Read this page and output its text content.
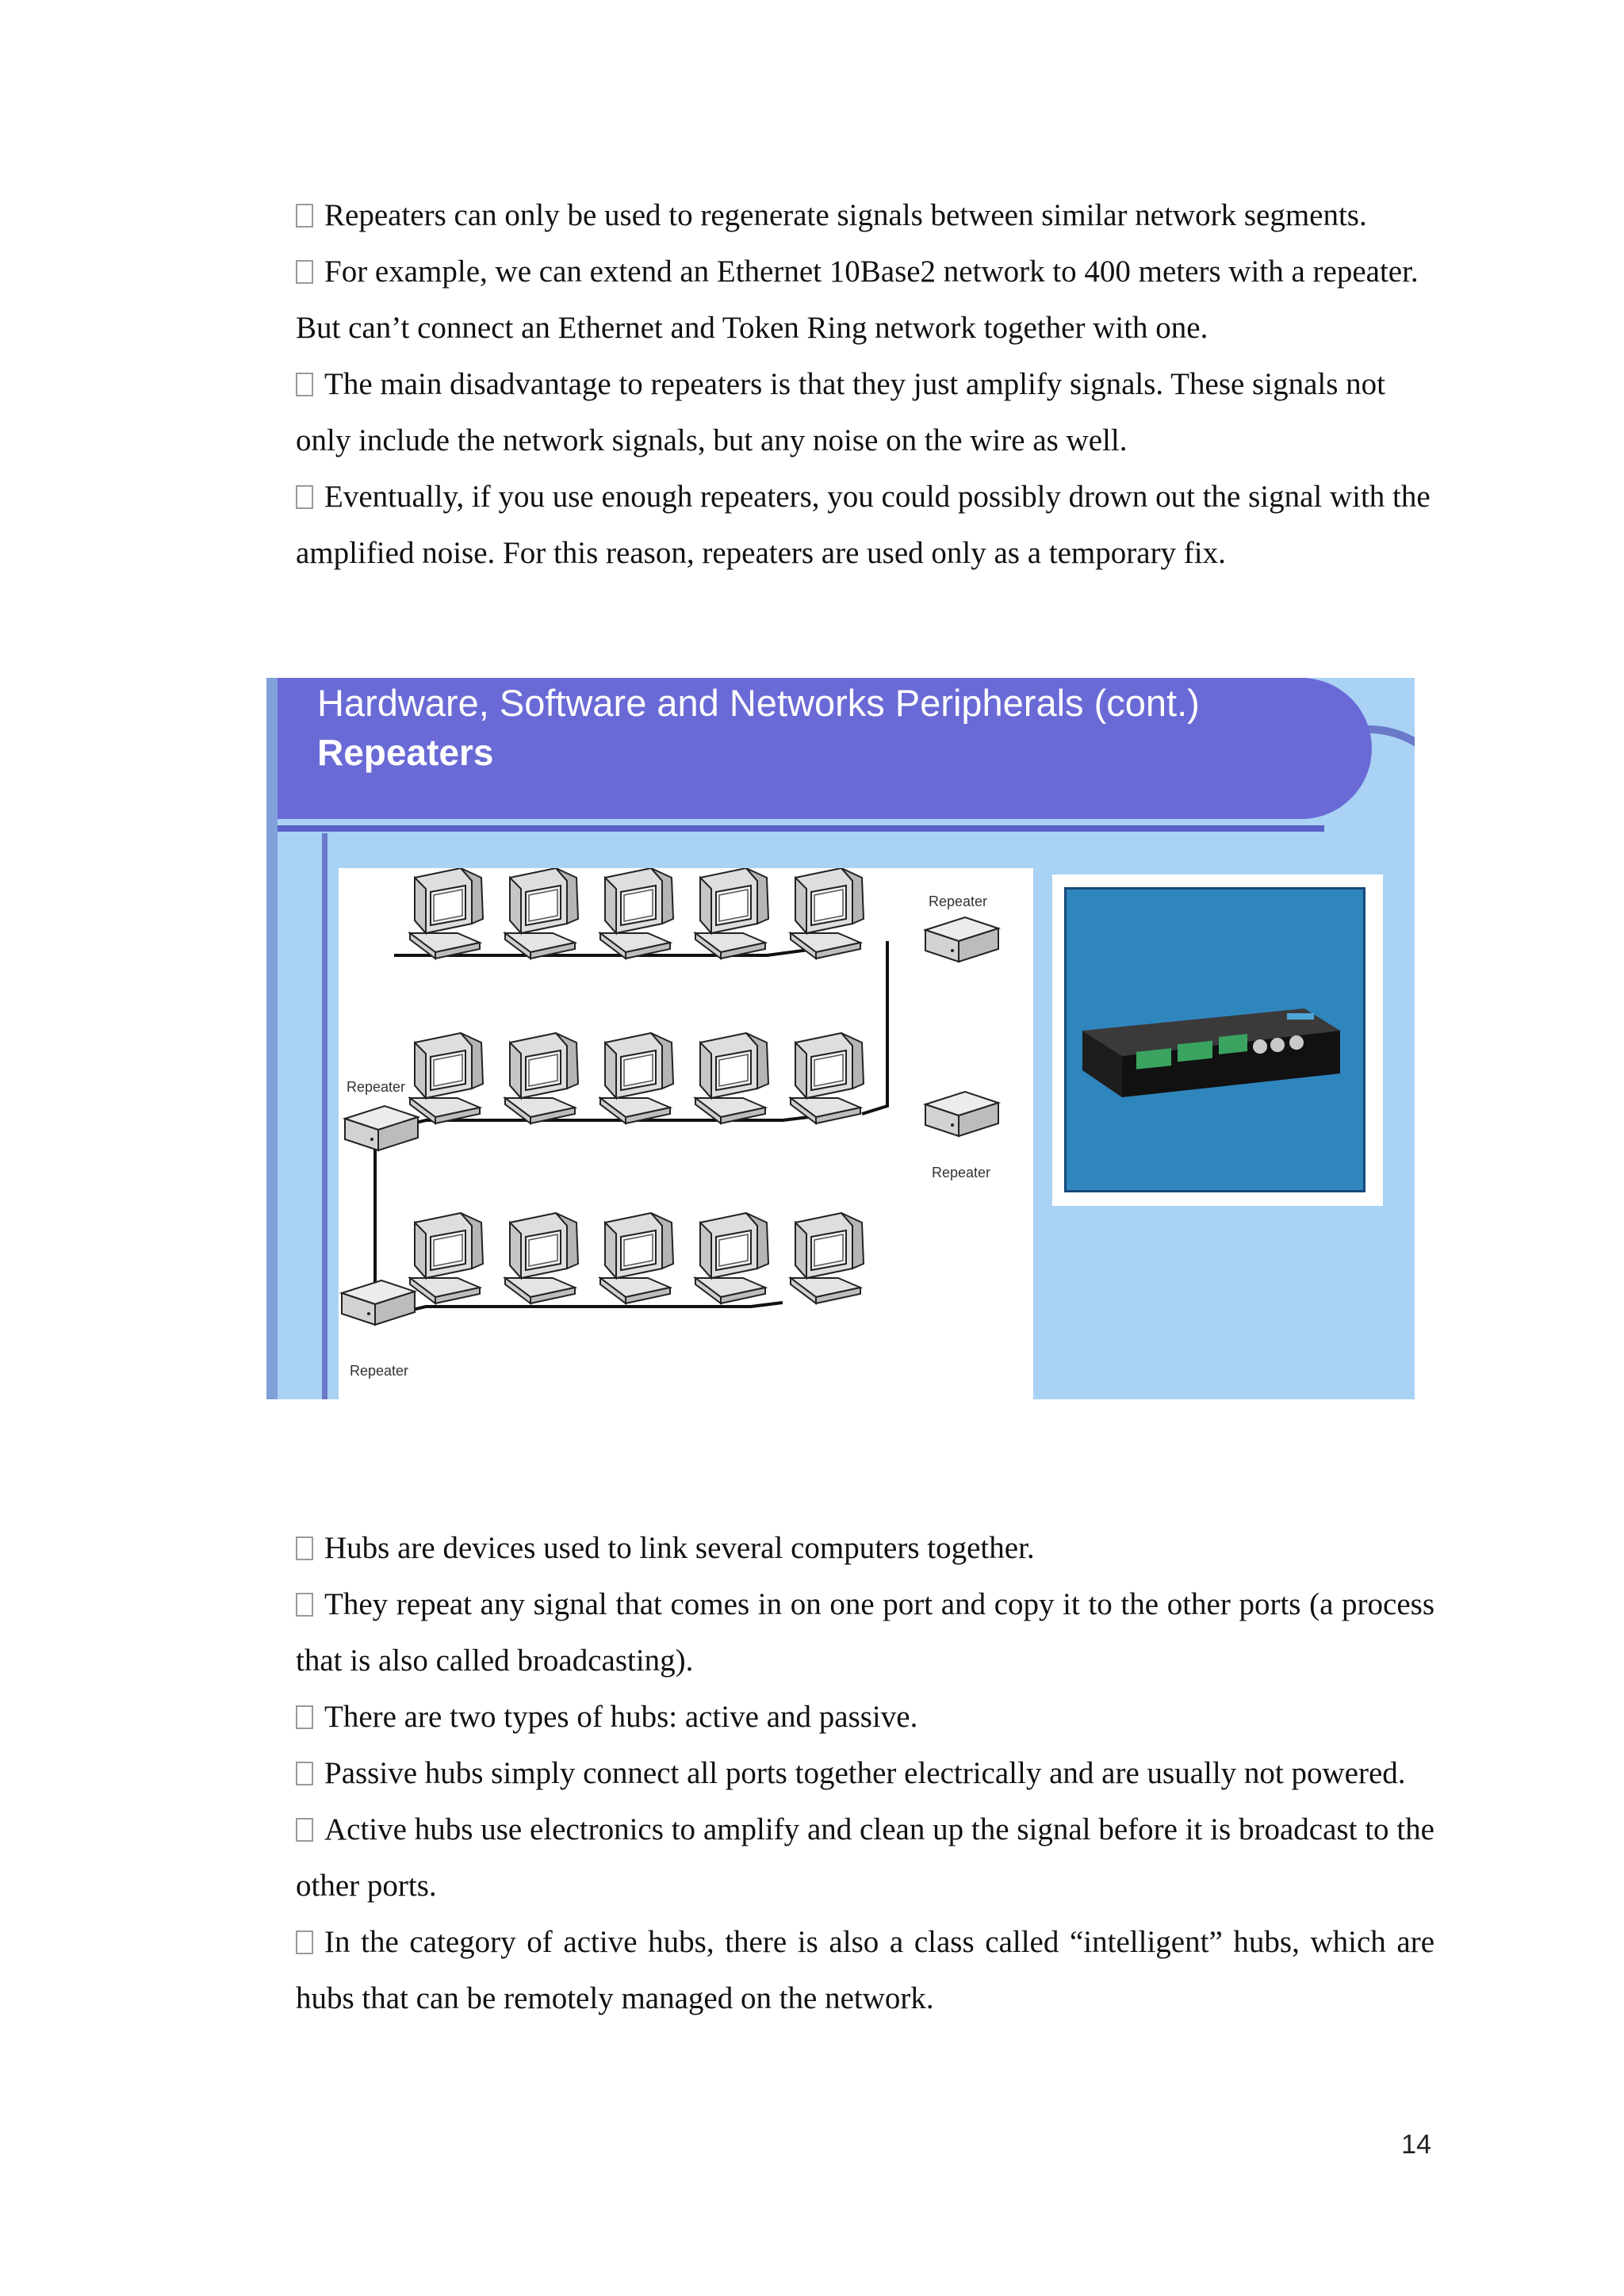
Repeaters can only be used to regenerate signals between similar network segments.

For example, we can extend an Ethernet 10Base2 network to 400 meters with a repeater. But can’t connect an Ethernet and Token Ring network together with one.

The main disadvantage to repeaters is that they just amplify signals. These signals not only include the network signals, but any noise on the wire as well.

Eventually, if you use enough repeaters, you could possibly drown out the signal with the amplified noise. For this reason, repeaters are used only as a temporary fix.

Hardware, Software and Networks Peripherals (cont.)
Repeaters
Repeater
Repeater
Repeater
Repeater

Hubs are devices used to link several computers together.

They repeat any signal that comes in on one port and copy it to the other ports (a process that is also called broadcasting).

There are two types of hubs: active and passive.

Passive hubs simply connect all ports together electrically and are usually not powered.

Active hubs use electronics to amplify and clean up the signal before it is broadcast to the other ports.

In the category of active hubs, there is also a class called “intelligent” hubs, which are hubs that can be remotely managed on the network.

14
